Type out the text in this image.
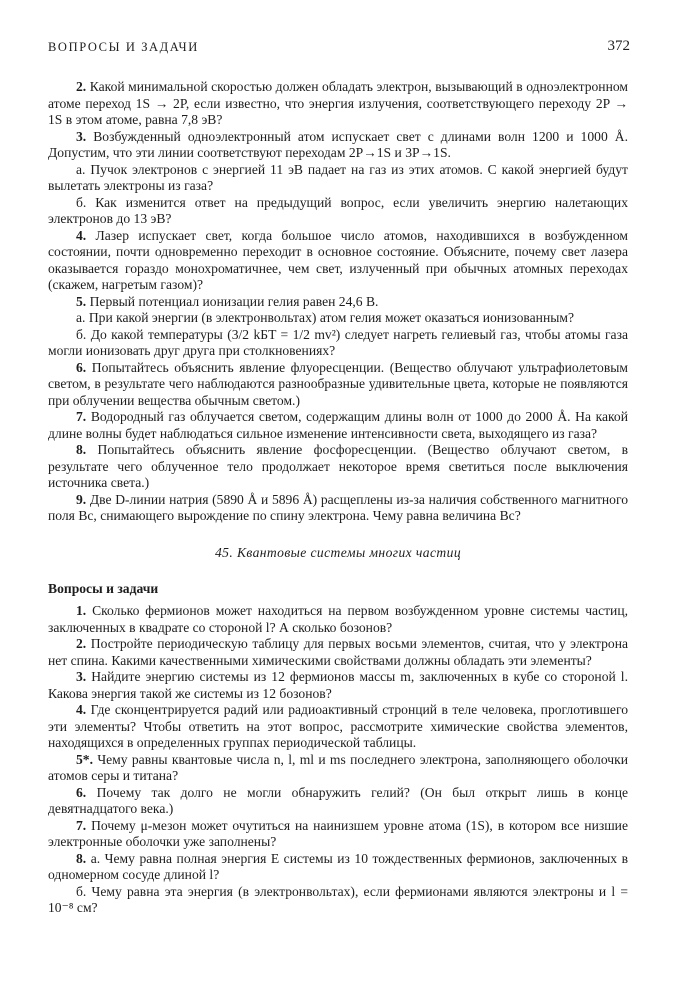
ВОПРОСЫ И ЗАДАЧИ	372

2. Какой минимальной скоростью должен обладать электрон, вызывающий в одноэлектронном атоме переход 1S → 2P, если известно, что энергия излучения, соответствующего переходу 2P → 1S в этом атоме, равна 7,8 эВ?

3. Возбужденный одноэлектронный атом испускает свет с длинами волн 1200 и 1000 Å. Допустим, что эти линии соответствуют переходам 2P→1S и 3P→1S.

а. Пучок электронов с энергией 11 эВ падает на газ из этих атомов. С какой энергией будут вылетать электроны из газа?

б. Как изменится ответ на предыдущий вопрос, если увеличить энергию налетающих электронов до 13 эВ?

4. Лазер испускает свет, когда большое число атомов, находившихся в возбужденном состоянии, почти одновременно переходит в основное состояние. Объясните, почему свет лазера оказывается гораздо монохроматичнее, чем свет, излученный при обычных атомных переходах (скажем, нагретым газом)?

5. Первый потенциал ионизации гелия равен 24,6 В.

а. При какой энергии (в электронвольтах) атом гелия может оказаться ионизованным?

б. До какой температуры (3/2 kБT = 1/2 mv²) следует нагреть гелиевый газ, чтобы атомы газа могли ионизовать друг друга при столкновениях?

6. Попытайтесь объяснить явление флуоресценции. (Вещество облучают ультрафиолетовым светом, в результате чего наблюдаются разнообразные удивительные цвета, которые не появляются при облучении вещества обычным светом.)

7. Водородный газ облучается светом, содержащим длины волн от 1000 до 2000 Å. На какой длине волны будет наблюдаться сильное изменение интенсивности света, выходящего из газа?

8. Попытайтесь объяснить явление фосфоресценции. (Вещество облучают светом, в результате чего облученное тело продолжает некоторое время светиться после выключения источника света.)

9. Две D-линии натрия (5890 Å и 5896 Å) расщеплены из-за наличия собственного магнитного поля Bc, снимающего вырождение по спину электрона. Чему равна величина Bc?

45. Квантовые системы многих частиц
Вопросы и задачи

1. Сколько фермионов может находиться на первом возбужденном уровне системы частиц, заключенных в квадрате со стороной l? А сколько бозонов?

2. Постройте периодическую таблицу для первых восьми элементов, считая, что у электрона нет спина. Какими качественными химическими свойствами должны обладать эти элементы?

3. Найдите энергию системы из 12 фермионов массы m, заключенных в кубе со стороной l. Какова энергия такой же системы из 12 бозонов?

4. Где сконцентрируется радий или радиоактивный стронций в теле человека, проглотившего эти элементы? Чтобы ответить на этот вопрос, рассмотрите химические свойства элементов, находящихся в определенных группах периодической таблицы.

5*. Чему равны квантовые числа n, l, ml и ms последнего электрона, заполняющего оболочки атомов серы и титана?

6. Почему так долго не могли обнаружить гелий? (Он был открыт лишь в конце девятнадцатого века.)

7. Почему μ-мезон может очутиться на наинизшем уровне атома (1S), в котором все низшие электронные оболочки уже заполнены?

8. а. Чему равна полная энергия E системы из 10 тождественных фермионов, заключенных в одномерном сосуде длиной l?

б. Чему равна эта энергия (в электронвольтах), если фермионами являются электроны и l = 10⁻⁸ см?
